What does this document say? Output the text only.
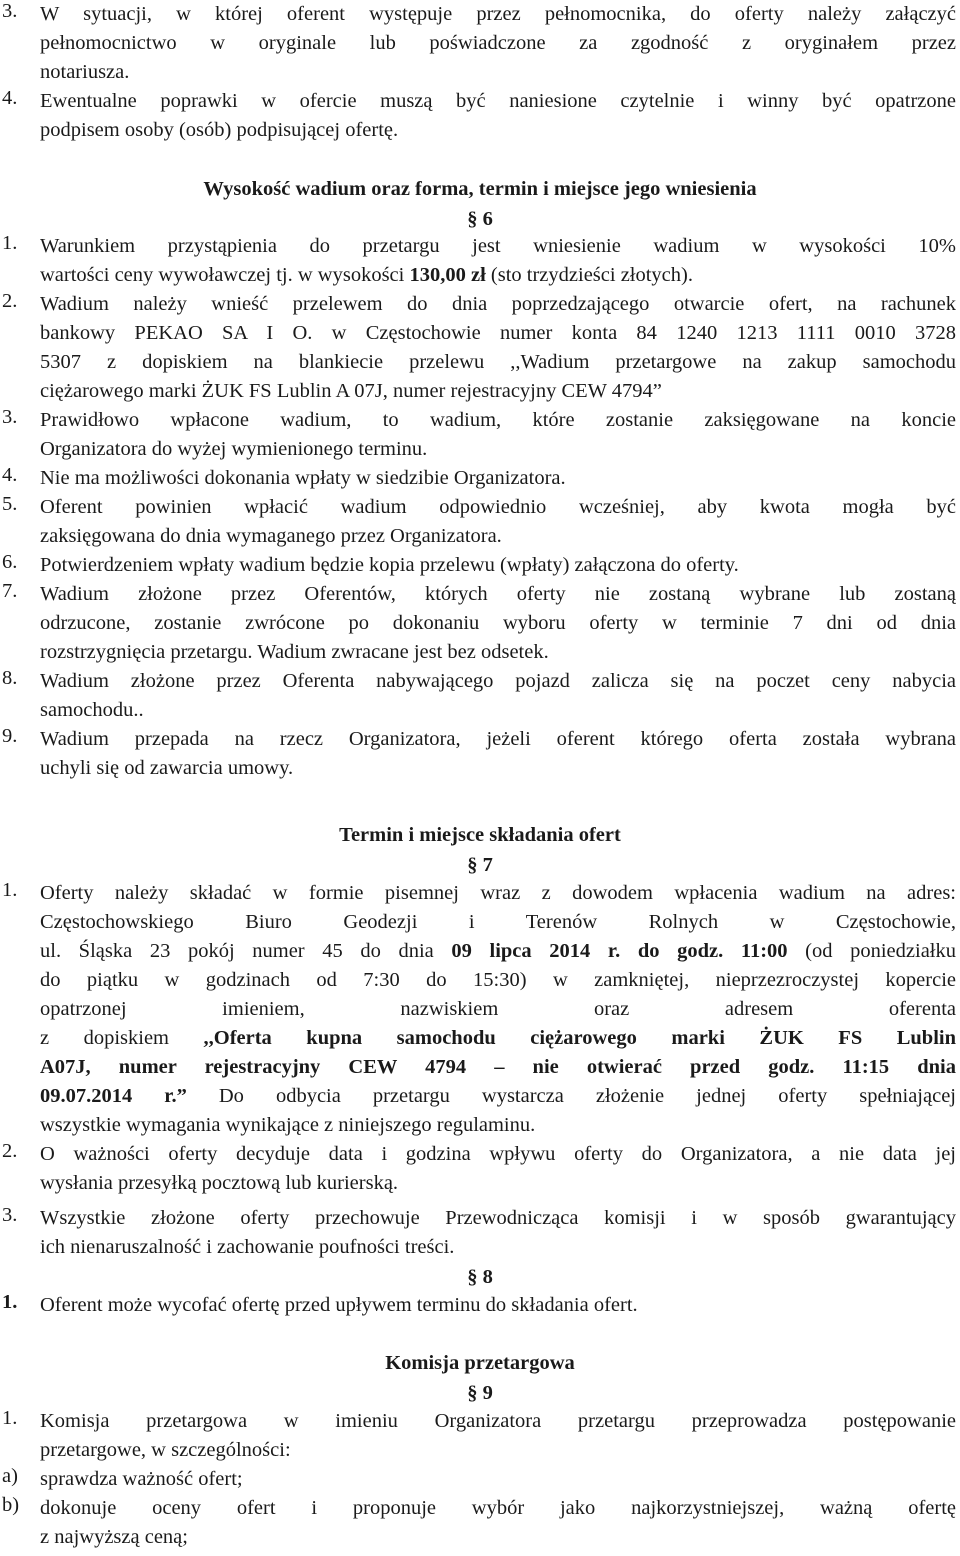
3. W sytuacji, w której oferent występuje przez pełnomocnika, do oferty należy załączyć
pełnomocnictwo w oryginale lub poświadczone za zgodność z oryginałem przez
notariusza.
4. Ewentualne poprawki w ofercie muszą być naniesione czytelnie i winny być opatrzone
podpisem osoby (osób) podpisującej ofertę.
Wysokość wadium oraz forma, termin i miejsce jego wniesienia
§ 6
1. Warunkiem przystąpienia do przetargu jest wniesienie wadium w wysokości 10%
wartości ceny wywoławczej tj. w wysokości 130,00 zł (sto trzydzieści złotych).
2. Wadium należy wnieść przelewem do dnia poprzedzającego otwarcie ofert, na rachunek
bankowy PEKAO SA I O. w Częstochowie numer konta 84 1240 1213 1111 0010 3728
5307 z dopiskiem na blankiecie przelewu ,,Wadium przetargowe na zakup samochodu
ciężarowego marki ŻUK FS Lublin A 07J, numer rejestracyjny CEW 4794”
3. Prawidłowo wpłacone wadium, to wadium, które zostanie zaksięgowane na koncie
Organizatora do wyżej wymienionego terminu.
4. Nie ma możliwości dokonania wpłaty w siedzibie Organizatora.
5. Oferent powinien wpłacić wadium odpowiednio wcześniej, aby kwota mogła być
zaksięgowana do dnia wymaganego przez Organizatora.
6. Potwierdzeniem wpłaty wadium będzie kopia przelewu (wpłaty) załączona do oferty.
7. Wadium złożone przez Oferentów, których oferty nie zostaną wybrane lub zostaną
odrzucone, zostanie zwrócone po dokonaniu wyboru oferty w terminie 7 dni od dnia
rozstrzygnięcia przetargu. Wadium zwracane jest bez odsetek.
8. Wadium złożone przez Oferenta nabywającego pojazd zalicza się na poczet ceny nabycia
samochodu..
9. Wadium przepada na rzecz Organizatora, jeżeli oferent którego oferta została wybrana
uchyli się od zawarcia umowy.
Termin i miejsce składania ofert
§ 7
1. Oferty należy składać w formie pisemnej wraz z dowodem wpłacenia wadium na adres:
Częstochowskiego Biuro Geodezji i Terenów Rolnych w Częstochowie,
ul. Śląska 23 pokój numer 45 do dnia 09 lipca 2014 r. do godz. 11:00 (od poniedziałku
do piątku w godzinach od 7:30 do 15:30) w zamkniętej, nieprzezroczystej kopercie
opatrzonej imieniem, nazwiskiem oraz adresem oferenta
z dopiskiem ,,Oferta kupna samochodu ciężarowego marki ŻUK FS Lublin
A07J, numer rejestracyjny CEW 4794 – nie otwierać przed godz. 11:15 dnia
09.07.2014 r.” Do odbycia przetargu wystarcza złożenie jednej oferty spełniającej
wszystkie wymagania wynikające z niniejszego regulaminu.
2. O ważności oferty decyduje data i godzina wpływu oferty do Organizatora, a nie data jej
wysłania przesyłką pocztową lub kurierską.
3. Wszystkie złożone oferty przechowuje Przewodnicząca komisji i w sposób gwarantujący
ich nienaruszalność i zachowanie poufności treści.
§ 8
1. Oferent może wycofać ofertę przed upływem terminu do składania ofert.
Komisja przetargowa
§ 9
1. Komisja przetargowa w imieniu Organizatora przetargu przeprowadza postępowanie
przetargowe, w szczególności:
a) sprawdza ważność ofert;
b) dokonuje oceny ofert i proponuje wybór jako najkorzystniejszej, ważną ofertę
z najwyższą ceną;
